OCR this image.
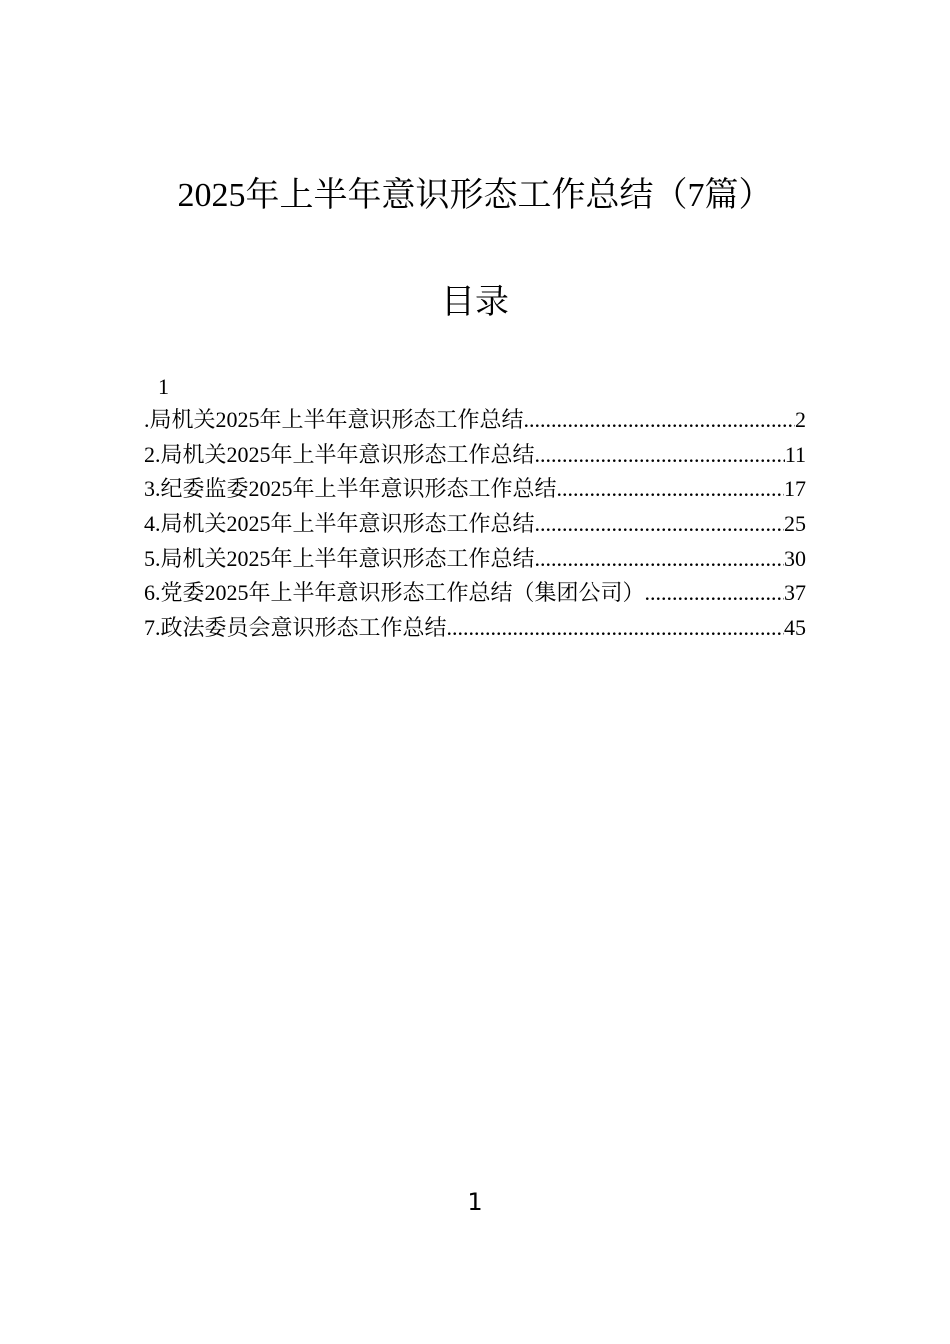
2025年上半年意识形态工作总结（7篇）
目录
1
.局机关2025年上半年意识形态工作总结 .....	2
2.局机关2025年上半年意识形态工作总结 .....	11
3.纪委监委2025年上半年意识形态工作总结 .....	17
4.局机关2025年上半年意识形态工作总结 .....	25
5.局机关2025年上半年意识形态工作总结 .....	30
6.党委2025年上半年意识形态工作总结（集团公司） .....	37
7.政法委员会意识形态工作总结 .....	45
1
